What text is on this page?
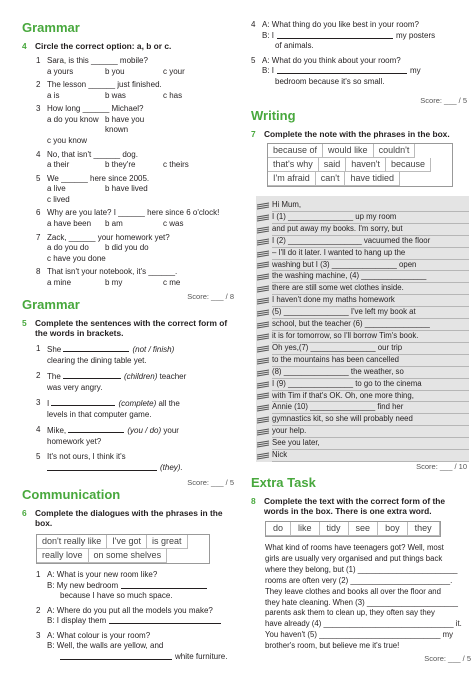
Grammar
4 Circle the correct option: a, b or c.
1 Sara, is this ______ mobile?
a yours	b you	c your
2 The lesson ______ just finished.
a is	b was	c has
3 How long ______ Michael?
a do you know b have you known
c you know
4 No, that isn't ______ dog.
a their	b they're	c theirs
5 We ______ here since 2005.
a live	b have lived
c lived
6 Why are you late? I ______ here since 6 o'clock!
a have been	b am	c was
7 Zack, ______ your homework yet?
a do you do	b did you do
c have you done
8 That isn't your notebook, it's ______.
a mine	b my	c me
Score: ___ / 8
Grammar
5 Complete the sentences with the correct form of the words in brackets.
1 She	(not / finish)
clearing the dining table yet.
2 The	(children) teacher
was very angry.
3 I	(complete) all the
levels in that computer game.
4 Mike,	(you / do) your
homework yet?
5 It's not ours, I think it's
(they).
Score: ___ / 5
Communication
6 Complete the dialogues with the phrases in the box.
don't really like	I've got	is great
really love	on some shelves
1 A: What is your new room like?
B: My new bedroom
because I have so much space.
2 A: Where do you put all the models you make?
B: I display them
3 A: What colour is your room?
B: Well, the walls are yellow, and
white furniture.
4 A: What thing do you like best in your room?
B: I	my posters
of animals.
5 A: What do you think about your room?
B: I	my
bedroom because it's so small.
Score: ___ / 5
Writing
7 Complete the note with the phrases in the box.
because of	would like	couldn't
that's why	said	haven't	because
I'm afraid	can't	have tidied
Hi Mum,
I (1) _______________ up my room
and put away my books. I'm sorry, but
I (2) _________________ vacuumed the floor
– I'll do it later. I wanted to hang up the
washing but I (3) _______________ open
the washing machine, (4) _______________
there are still some wet clothes inside.
I haven't done my maths homework
(5) _______________ I've left my book at
school, but the teacher (6) _______________
it is for tomorrow, so I'll borrow Tim's book.
Oh yes,(7) _______________ our trip
to the mountains has been cancelled
(8) _______________ the weather, so
I (9) _______________ to go to the cinema
with Tim if that's OK. Oh, one more thing,
Annie (10) _______________ find her
gymnastics kit, so she will probably need
your help.
See you later,
Nick
Score: ___ / 10
Extra Task
8 Complete the text with the correct form of the words in the box. There is one extra word.
do	like	tidy	see	boy	they
What kind of rooms have teenagers got? Well, most
girls are usually very organised and put things back
where they belong, but (1) _______________________
rooms are often very (2) _______________________.
They leave clothes and books all over the floor and
they hate cleaning. When (3) _____________________
parents ask them to clean up, they often say they
have already (4) ______________________________ it.
You haven't (5) ____________________________ my
brother's room, but believe me it's true!
Score: ___ / 5
